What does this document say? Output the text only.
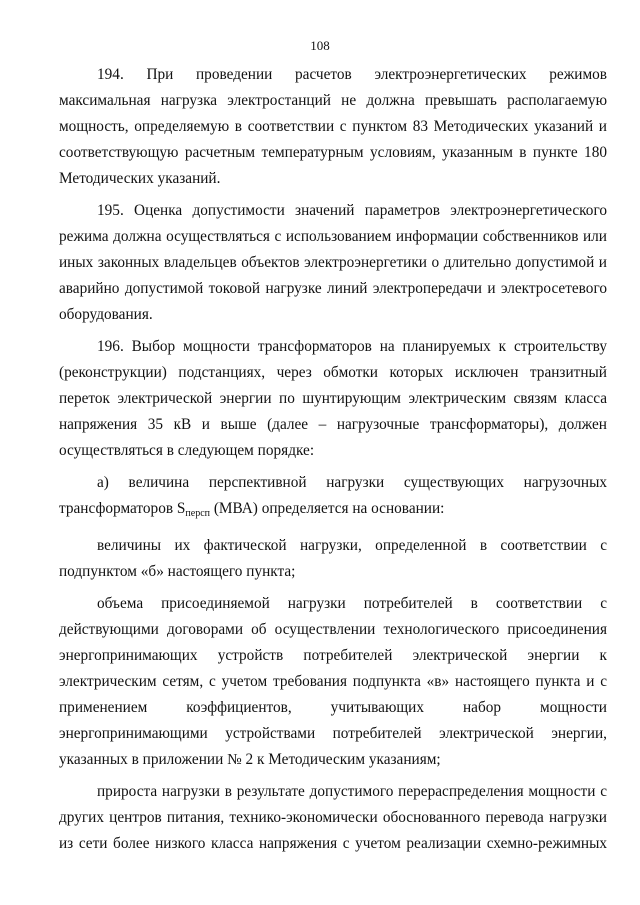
108

194. При проведении расчетов электроэнергетических режимов максимальная нагрузка электростанций не должна превышать располагаемую мощность, определяемую в соответствии с пунктом 83 Методических указаний и соответствующую расчетным температурным условиям, указанным в пункте 180 Методических указаний.

195. Оценка допустимости значений параметров электроэнергетического режима должна осуществляться с использованием информации собственников или иных законных владельцев объектов электроэнергетики о длительно допустимой и аварийно допустимой токовой нагрузке линий электропередачи и электросетевого оборудования.

196. Выбор мощности трансформаторов на планируемых к строительству (реконструкции) подстанциях, через обмотки которых исключен транзитный переток электрической энергии по шунтирующим электрическим связям класса напряжения 35 кВ и выше (далее – нагрузочные трансформаторы), должен осуществляться в следующем порядке:

а) величина перспективной нагрузки существующих нагрузочных трансформаторов $S_{персп}$ (МВА) определяется на основании:

величины их фактической нагрузки, определенной в соответствии с подпунктом «б» настоящего пункта;

объема присоединяемой нагрузки потребителей в соответствии с действующими договорами об осуществлении технологического присоединения энергопринимающих устройств потребителей электрической энергии к электрическим сетям, с учетом требования подпункта «в» настоящего пункта и с применением коэффициентов, учитывающих набор мощности энергопринимающими устройствами потребителей электрической энергии, указанных в приложении № 2 к Методическим указаниям;

прироста нагрузки в результате допустимого перераспределения мощности с других центров питания, технико-экономически обоснованного перевода нагрузки из сети более низкого класса напряжения с учетом реализации схемно-режимных
